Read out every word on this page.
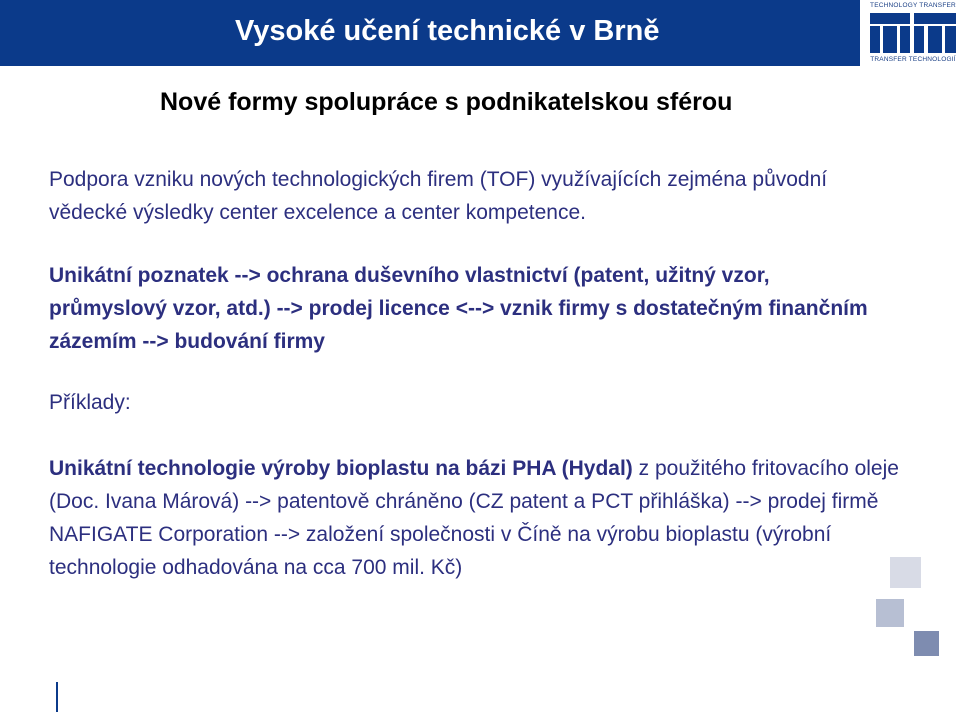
Vysoké učení technické v Brně
TECHNOLOGY TRANSFER
TRANSFER TECHNOLOGIÍ
Nové formy spolupráce s podnikatelskou sférou
Podpora vzniku nových technologických firem (TOF) využívajících zejména původní vědecké výsledky center excelence a center kompetence.
Unikátní poznatek --> ochrana duševního vlastnictví (patent, užitný vzor, průmyslový vzor, atd.) --> prodej licence <--> vznik firmy s dostatečným finančním zázemím --> budování firmy
Příklady:
Unikátní technologie výroby bioplastu na bázi PHA (Hydal) z použitého fritovacího oleje (Doc. Ivana Márová) --> patentově chráněno (CZ patent a PCT přihláška) --> prodej firmě NAFIGATE Corporation --> založení společnosti v Číně na výrobu bioplastu (výrobní technologie odhadována na cca 700 mil. Kč)
